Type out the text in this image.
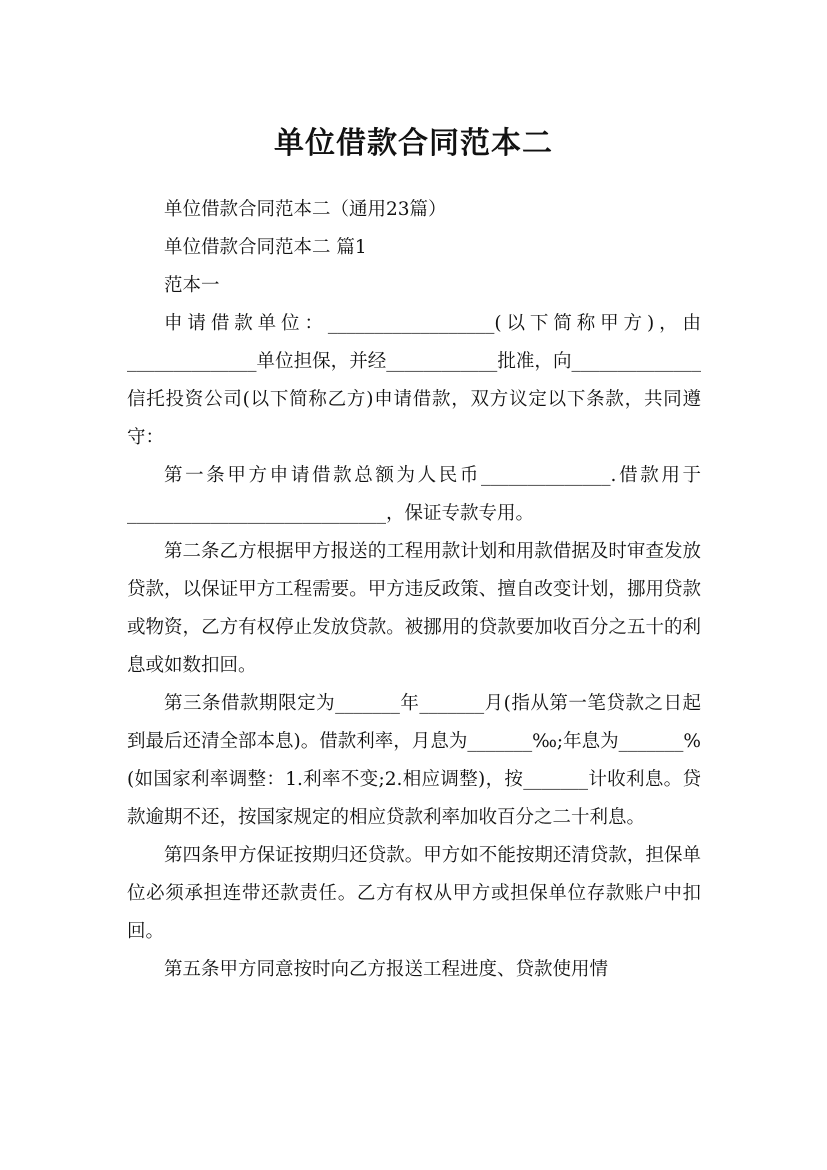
单位借款合同范本二

单位借款合同范本二（通用23篇）

单位借款合同范本二 篇1

范本一

申请借款单位：__________________(以下简称甲方)，由______________单位担保，并经____________批准，向______________信托投资公司(以下简称乙方)申请借款，双方议定以下条款，共同遵守：

第一条甲方申请借款总额为人民币______________.借款用于____________________________，保证专款专用。

第二条乙方根据甲方报送的工程用款计划和用款借据及时审查发放贷款，以保证甲方工程需要。甲方违反政策、擅自改变计划，挪用贷款或物资，乙方有权停止发放贷款。被挪用的贷款要加收百分之五十的利息或如数扣回。

第三条借款期限定为_______年_______月(指从第一笔贷款之日起到最后还清全部本息)。借款利率，月息为_______‰;年息为_______%(如国家利率调整：1.利率不变;2.相应调整)，按_______计收利息。贷款逾期不还，按国家规定的相应贷款利率加收百分之二十利息。

第四条甲方保证按期归还贷款。甲方如不能按期还清贷款，担保单位必须承担连带还款责任。乙方有权从甲方或担保单位存款账户中扣回。

第五条甲方同意按时向乙方报送工程进度、贷款使用情
